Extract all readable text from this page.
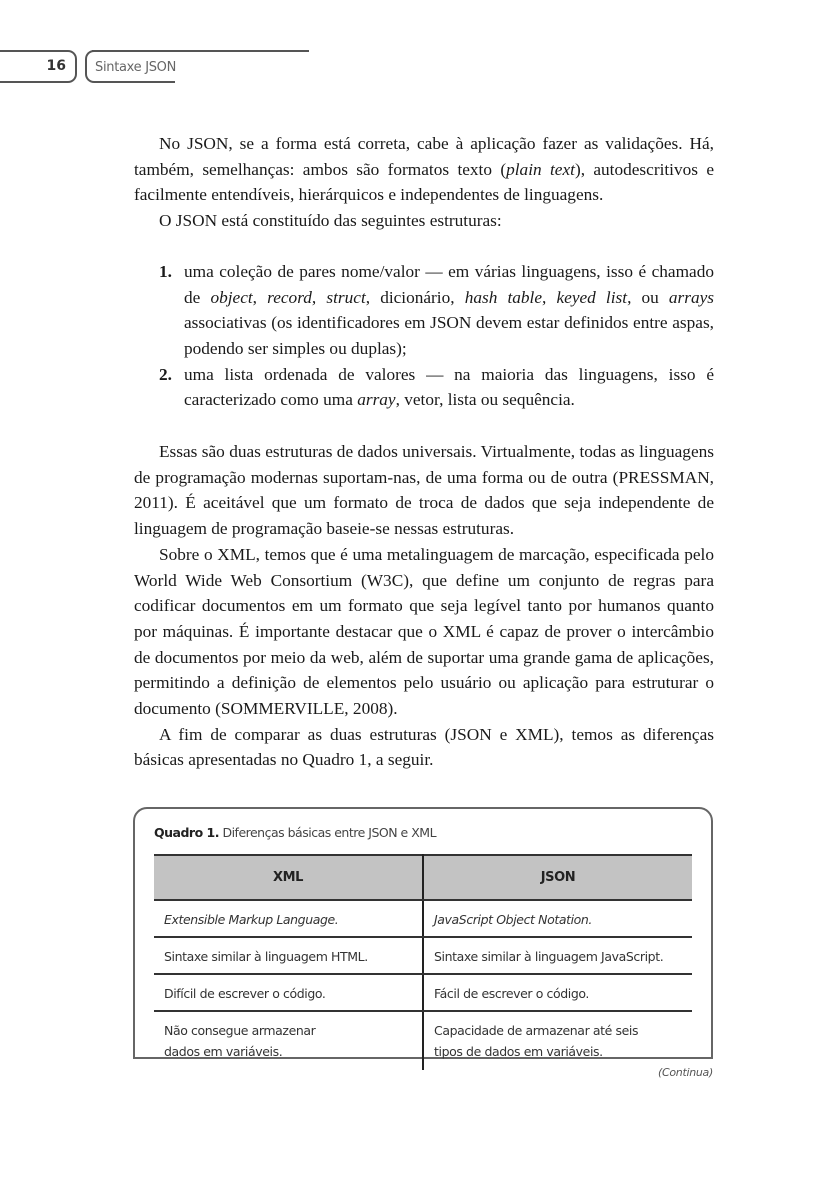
16 Sintaxe JSON

No JSON, se a forma está correta, cabe à aplicação fazer as validações. Há, também, semelhanças: ambos são formatos texto (plain text), autodescritivos e facilmente entendíveis, hierárquicos e independentes de linguagens.

O JSON está constituído das seguintes estruturas:

1. uma coleção de pares nome/valor — em várias linguagens, isso é chamado de object, record, struct, dicionário, hash table, keyed list, ou arrays associativas (os identificadores em JSON devem estar definidos entre aspas, podendo ser simples ou duplas);
2. uma lista ordenada de valores — na maioria das linguagens, isso é caracterizado como uma array, vetor, lista ou sequência.

Essas são duas estruturas de dados universais. Virtualmente, todas as linguagens de programação modernas suportam-nas, de uma forma ou de outra (PRESSMAN, 2011). É aceitável que um formato de troca de dados que seja independente de linguagem de programação baseie-se nessas estruturas.

Sobre o XML, temos que é uma metalinguagem de marcação, especificada pelo World Wide Web Consortium (W3C), que define um conjunto de regras para codificar documentos em um formato que seja legível tanto por humanos quanto por máquinas. É importante destacar que o XML é capaz de prover o intercâmbio de documentos por meio da web, além de suportar uma grande gama de aplicações, permitindo a definição de elementos pelo usuário ou aplicação para estruturar o documento (SOMMERVILLE, 2008).

A fim de comparar as duas estruturas (JSON e XML), temos as diferenças básicas apresentadas no Quadro 1, a seguir.

Quadro 1. Diferenças básicas entre JSON e XML
XML	JSON
Extensible Markup Language.	JavaScript Object Notation.
Sintaxe similar à linguagem HTML.	Sintaxe similar à linguagem JavaScript.
Difícil de escrever o código.	Fácil de escrever o código.
Não consegue armazenar dados em variáveis.	Capacidade de armazenar até seis tipos de dados em variáveis.
(Continua)
